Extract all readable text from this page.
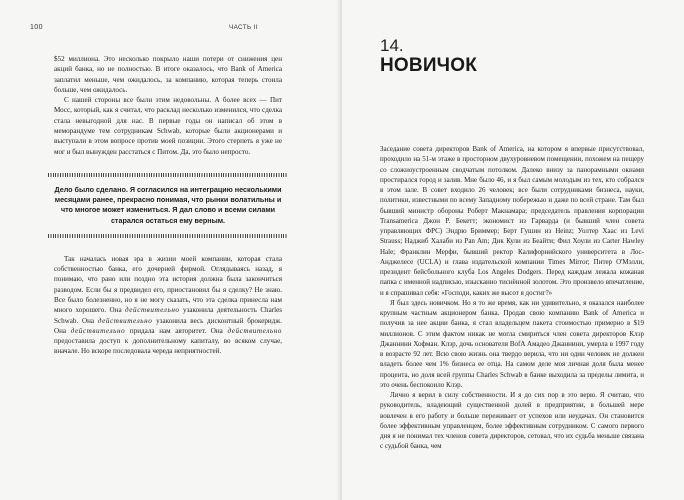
100	ЧАСТЬ II

$52 миллиона. Это несколько покрыло наши потери от снижения цен акций банка, но не полностью. В итоге оказалось, что Bank of America заплатил меньше, чем ожидалось, за компанию, которая теперь стоила больше, чем ожидалось.

С нашей стороны все были этим недовольны. А более всех — Пит Мосс, который, как я считал, что расклад несколько изменился, что сделка стала невыгодной для нас. В первые годы он написал об этом в меморандуме тем сотрудникам Schwab, которые были акционерами и выступали в этом вопросе против моей позиции. Этого стерпеть я уже не мог и был вынужден расстаться с Питом. Да, это было непросто.

Дело было сделано. Я согласился на интеграцию несколькими месяцами ранее, прекрасно понимая, что рынки волатильны и что многое может измениться. Я дал слово и всеми силами старался остаться ему верным.

Так началась новая эра в жизни моей компании, которая стала собственностью банка, его дочерней фирмой. Оглядываясь назад, я понимаю, что рано или поздно эта история должна была закончиться разводом. Если бы я предвидел его, приостановил бы я сделку? Не знаю. Все было болезненно, но я не могу сказать, что эта сделка принесла нам много хорошего. Она действительно узаконила деятельность Charles Schwab. Она действительно узаконила весь дисконтный брокеридж. Она действительно придала нам авторитет. Она действительно предоставила доступ к дополнительному капиталу, во всяком случае, вначале. Но вскоре последовала череда неприятностей.

14.
НОВИЧОК

Заседание совета директоров Bank of America, на котором я впервые присутствовал, проходило на 51-м этаже в просторном двухуровневом помещении, похожем на пещеру со сложноустроенным сводчатым потолком. Далеко внизу за панорамными окнами простирался город и залив. Мне было 46, и я был самым молодым из тех, кто собрался в этом зале. В совет входило 26 человек; все были сотрудниками бизнеса, науки, политики, известными по всему Западному побережью и даже по всей стране. Там был бывший министр обороны Роберт Макнамара; председатель правления корпорации Transamerica Джон Р. Бекетт; экономист из Гарварда (и бывший член совета управляющих ФРС) Эндрю Бриммер; Берт Гушин из Heinz; Уолтер Хаас из Levi Strauss; Наджиб Халаби из Pan Am; Дик Кули из Беайти; Фил Хоули из Carter Hawley Hale; Франклин Мерфи, бывший ректор Калифорнийского университета в Лос-Анджелесе (UCLA) и глава издательской компании Times Mirror; Питер О'Мэлли, президент бейсбольного клуба Los Angeles Dodgers. Перед каждым лежала кожаная папка с именной надписью, изысканно тиснённой золотом. Это произвело впечатление, и я спрашивал себя: «Господи, каких же высот я достиг?»

Я был здесь новичком. Но я то же время, как ни удивительно, я оказался наиболее крупным частным акционером банка. Продав свою компанию Bank of America и получив за нее акции банка, я стал владельцем пакета стоимостью примерно в $19 миллионов. С этим фактом никак не могла смириться член совета директоров Клэр Джаннини Хофман. Клэр, дочь основателя BofA Амадео Джаннини, умерла в 1997 году в возрасте 92 лет. Всю свою жизнь она твердо верила, что ни один человек не должен владеть более чем 1% бизнеса ее отца. На самом деле моя личная доля была менее процента, но доля всей группы Charles Schwab в банке выходила за пределы лимита, и это очень беспокоило Клэр.

Лично я верил в силу собственности. И я до сих пор в это верю. Я считаю, что руководитель, владеющий существенной долей в предприятии, в большей мере вовлечен в его работу и больше переживает от успехов или неудачах. Он становится более эффективным управленцем, более эффективным сотрудником. С самого первого дня я не понимал тех членов совета директоров, сетовал, что их судьба меньше связана с судьбой банка, чем
